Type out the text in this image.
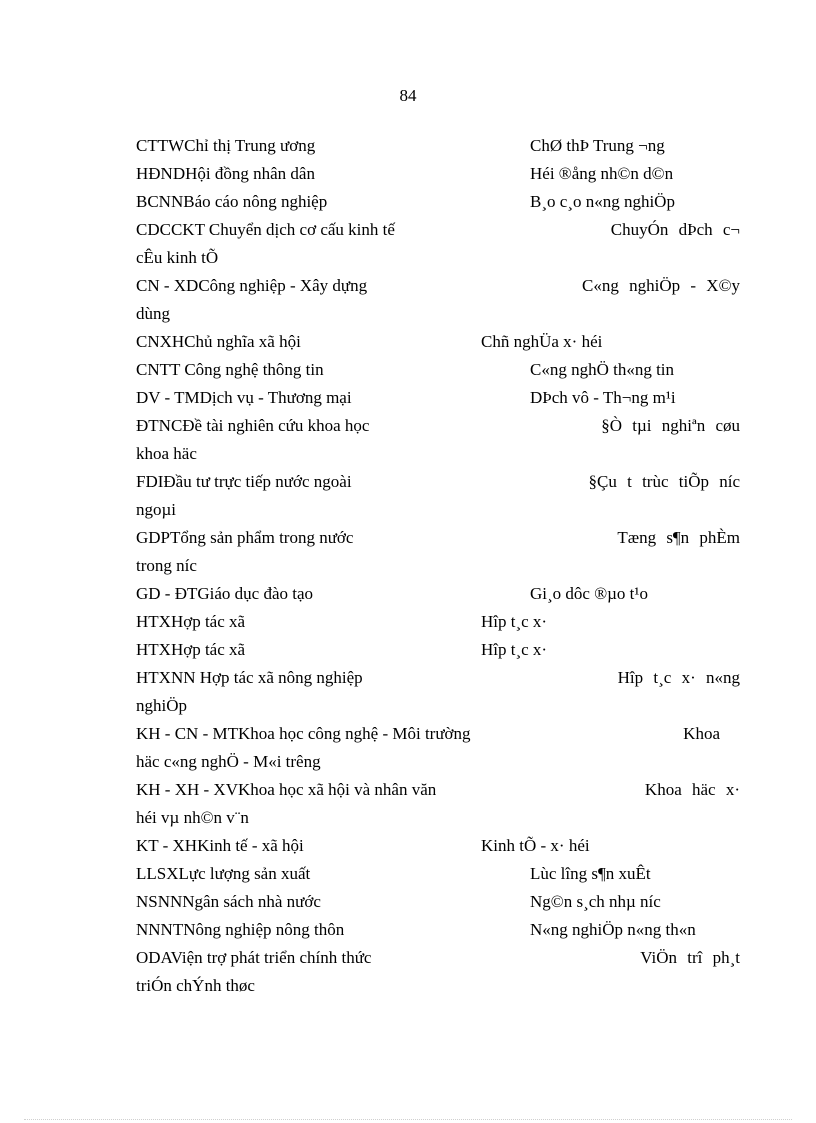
84
CTTWChỉ thị Trung ương	ChØ thÞ Trung ¬ng
HĐNDHội đồng nhân dân	Héi ®ång nh©n d©n
BCNNBáo cáo nông nghiệp	B¸o c¸o n«ng nghiÖp
CDCCKT Chuyển dịch cơ cấu kinh tế	ChuyÓn dÞch c¬
cÊu kinh tÕ
CN - XDCông nghiệp - Xây dựng	C«ng nghiÖp - X©y
dùng
CNXHChủ nghĩa xã hội	Chñ nghÜa x· héi
CNTT Công nghệ thông tin	C«ng nghÖ th«ng tin
DV - TMDịch vụ - Thương mại	DÞch vô - Th¬ng m¹i
ĐTNCĐề tài nghiên cứu khoa học	§Ò tµi nghiªn cøu
khoa häc
FDIĐầu tư trực tiếp nước ngoài	§Çu t trùc tiÕp níc
ngoµi
GDPTổng sản phẩm trong nước	Tæng s¶n phÈm
trong níc
GD - ĐTGiáo dục đào tạo	Gi¸o dôc ®µo t¹o
HTXHợp tác xã	Hîp t¸c x·
HTXHợp tác xã	Hîp t¸c x·
HTXNN Hợp tác xã nông nghiệp	Hîp t¸c x· n«ng
nghiÖp
KH - CN - MTKhoa học công nghệ - Môi trường	Khoa
häc c«ng nghÖ - M«i trêng
KH - XH - XVKhoa học xã hội và nhân văn	Khoa häc x·
héi vµ nh©n v¨n
KT - XHKinh tế - xã hội	Kinh tÕ - x· héi
LLSXLực lượng sản xuất	Lùc lîng s¶n xuÊt
NSNNNgân sách nhà nước	Ng©n s¸ch nhµ níc
NNNTNông nghiệp nông thôn	N«ng nghiÖp n«ng th«n
ODAViện trợ phát triển chính thức	ViÖn trî ph¸t
triÓn chÝnh thøc
